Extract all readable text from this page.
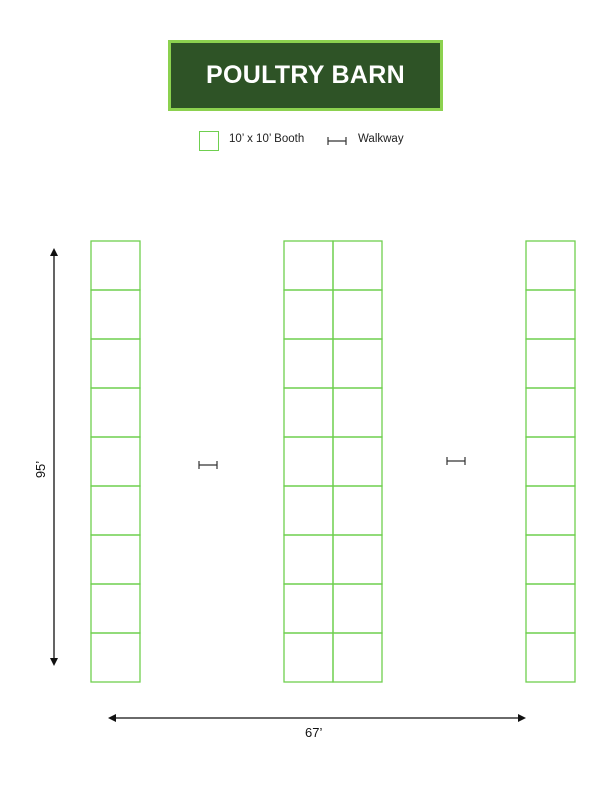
POULTRY BARN
10’ x 10’ Booth	Walkway
95’
67’
